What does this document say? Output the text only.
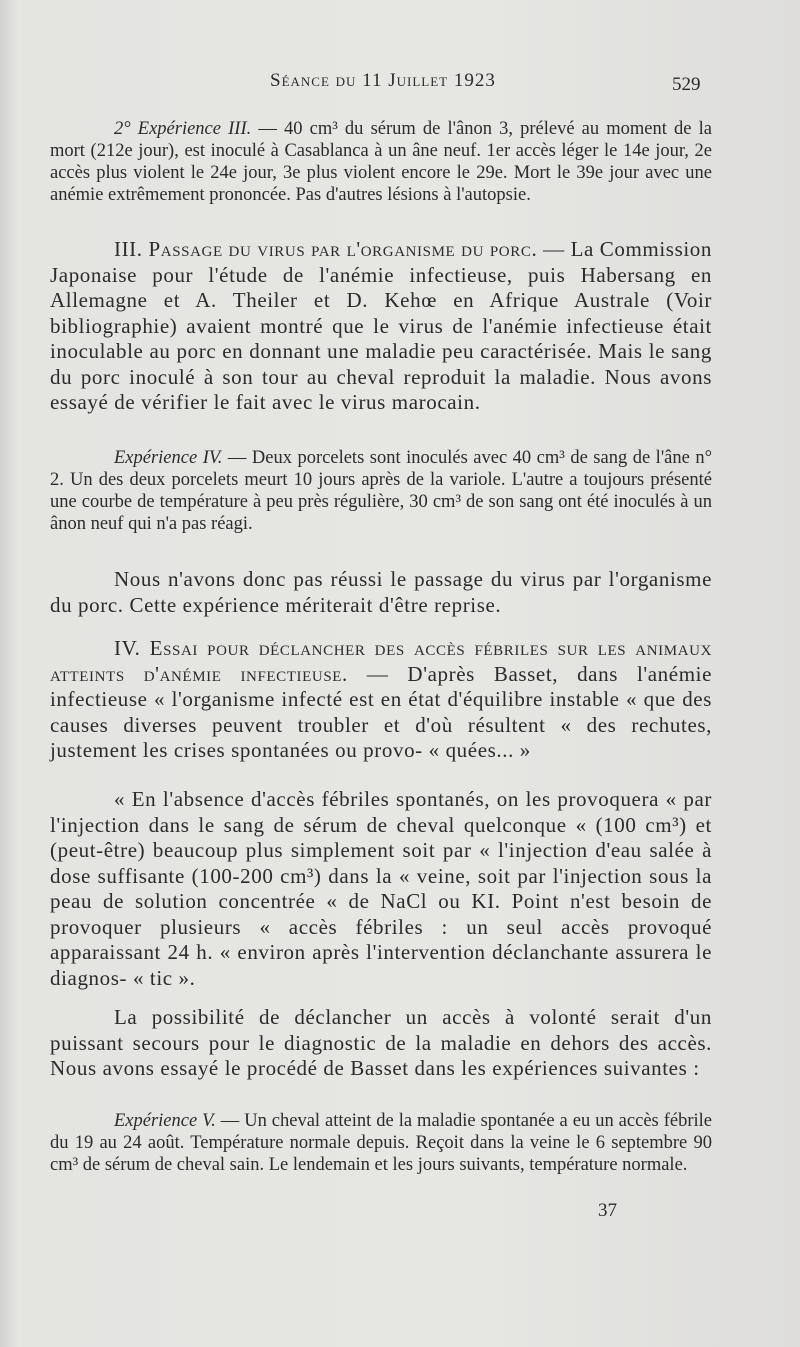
Séance du 11 Juillet 1923	529

2° Expérience III. — 40 cm³ du sérum de l'ânon 3, prélevé au moment de la mort (212e jour), est inoculé à Casablanca à un âne neuf. 1er accès léger le 14e jour, 2e accès plus violent le 24e jour, 3e plus violent encore le 29e. Mort le 39e jour avec une anémie extrêmement prononcée. Pas d'autres lésions à l'autopsie.

III. Passage du virus par l'organisme du porc. — La Commission Japonaise pour l'étude de l'anémie infectieuse, puis Habersang en Allemagne et A. Theiler et D. Kehœ en Afrique Australe (Voir bibliographie) avaient montré que le virus de l'anémie infectieuse était inoculable au porc en donnant une maladie peu caractérisée. Mais le sang du porc inoculé à son tour au cheval reproduit la maladie. Nous avons essayé de vérifier le fait avec le virus marocain.

Expérience IV. — Deux porcelets sont inoculés avec 40 cm³ de sang de l'âne n° 2. Un des deux porcelets meurt 10 jours après de la variole. L'autre a toujours présenté une courbe de température à peu près régulière, 30 cm³ de son sang ont été inoculés à un ânon neuf qui n'a pas réagi.

Nous n'avons donc pas réussi le passage du virus par l'organisme du porc. Cette expérience mériterait d'être reprise.

IV. Essai pour déclancher des accès fébriles sur les animaux atteints d'anémie infectieuse. — D'après Basset, dans l'anémie infectieuse « l'organisme infecté est en état d'équilibre instable « que des causes diverses peuvent troubler et d'où résultent « des rechutes, justement les crises spontanées ou provo- « quées... »

« En l'absence d'accès fébriles spontanés, on les provoquera « par l'injection dans le sang de sérum de cheval quelconque « (100 cm³) et (peut-être) beaucoup plus simplement soit par « l'injection d'eau salée à dose suffisante (100-200 cm³) dans la « veine, soit par l'injection sous la peau de solution concentrée « de NaCl ou KI. Point n'est besoin de provoquer plusieurs « accès fébriles : un seul accès provoqué apparaissant 24 h. « environ après l'intervention déclanchante assurera le diagnos- « tic ».

La possibilité de déclancher un accès à volonté serait d'un puissant secours pour le diagnostic de la maladie en dehors des accès. Nous avons essayé le procédé de Basset dans les expériences suivantes :

Expérience V. — Un cheval atteint de la maladie spontanée a eu un accès fébrile du 19 au 24 août. Température normale depuis. Reçoit dans la veine le 6 septembre 90 cm³ de sérum de cheval sain. Le lendemain et les jours suivants, température normale.

37
